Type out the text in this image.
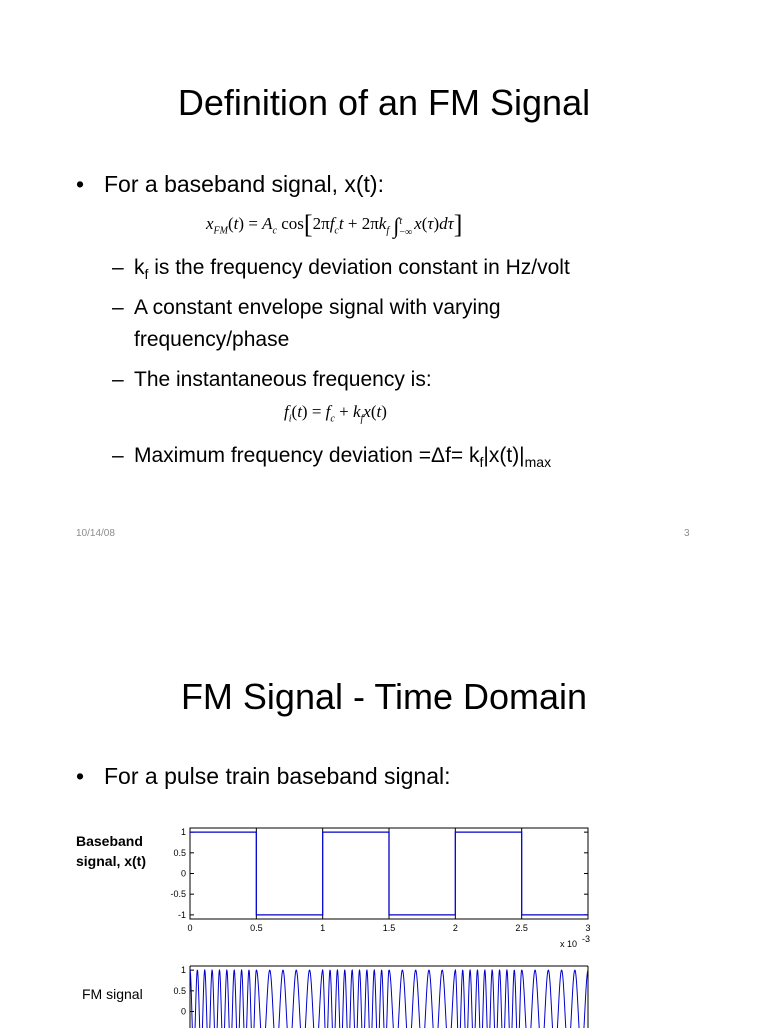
Definition of an FM Signal
• For a baseband signal, x(t):
$x_{FM}(t) = A_c$ $\cos[2\pi f_ct + 2\pi k_f$ ∫ t
−∞ x(τ)dτ]
– $k_f$ is the frequency deviation constant in Hz/volt
– A constant envelope signal with varying
frequency/phase
– The instantaneous frequency is:
$f_i(t) = f_c + k_fx(t)$
– Maximum frequency deviation $=\Delta f= k_f|x(t)|_{max}$
10/14/08	3
FM Signal - Time Domain
• For a pulse train baseband signal:
Baseband
signal, x(t)
FM signal
1
0.5
0
-0.5
-1
0	0.5	1	1.5	2	2.5	3
x 10 -3
1
0.5
0
